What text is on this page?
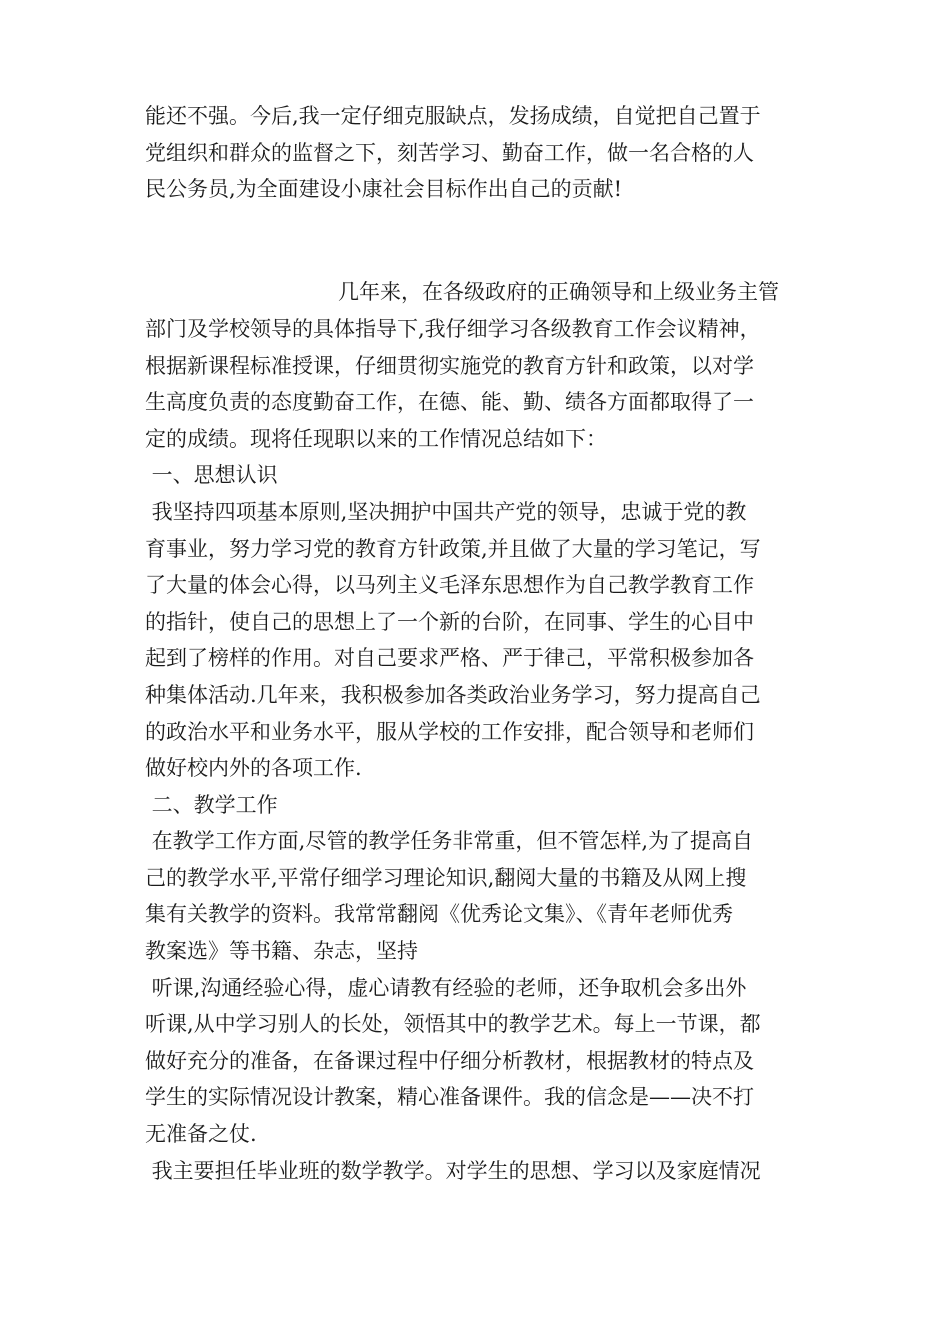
能还不强。今后,我一定仔细克服缺点，发扬成绩，自觉把自己置于
党组织和群众的监督之下，刻苦学习、勤奋工作，做一名合格的人
民公务员,为全面建设小康社会目标作出自己的贡献!
几年来，在各级政府的正确领导和上级业务主管
部门及学校领导的具体指导下,我仔细学习各级教育工作会议精神，
根据新课程标准授课，仔细贯彻实施党的教育方针和政策，以对学
生高度负责的态度勤奋工作，在德、能、勤、绩各方面都取得了一
定的成绩。现将任现职以来的工作情况总结如下：
一、思想认识
我坚持四项基本原则,坚决拥护中国共产党的领导，忠诚于党的教
育事业，努力学习党的教育方针政策,并且做了大量的学习笔记，写
了大量的体会心得，以马列主义毛泽东思想作为自己教学教育工作
的指针，使自己的思想上了一个新的台阶，在同事、学生的心目中
起到了榜样的作用。对自己要求严格、严于律己，平常积极参加各
种集体活动.几年来，我积极参加各类政治业务学习，努力提高自己
的政治水平和业务水平，服从学校的工作安排，配合领导和老师们
做好校内外的各项工作.
二、教学工作
在教学工作方面,尽管的教学任务非常重，但不管怎样,为了提高自
己的教学水平,平常仔细学习理论知识,翻阅大量的书籍及从网上搜
集有关教学的资料。我常常翻阅《优秀论文集》、《青年老师优秀
教案选》等书籍、杂志，坚持
听课,沟通经验心得，虚心请教有经验的老师，还争取机会多出外
听课,从中学习别人的长处，领悟其中的教学艺术。每上一节课，都
做好充分的准备，在备课过程中仔细分析教材，根据教材的特点及
学生的实际情况设计教案，精心准备课件。我的信念是——决不打
无准备之仗.
我主要担任毕业班的数学教学。对学生的思想、学习以及家庭情况
